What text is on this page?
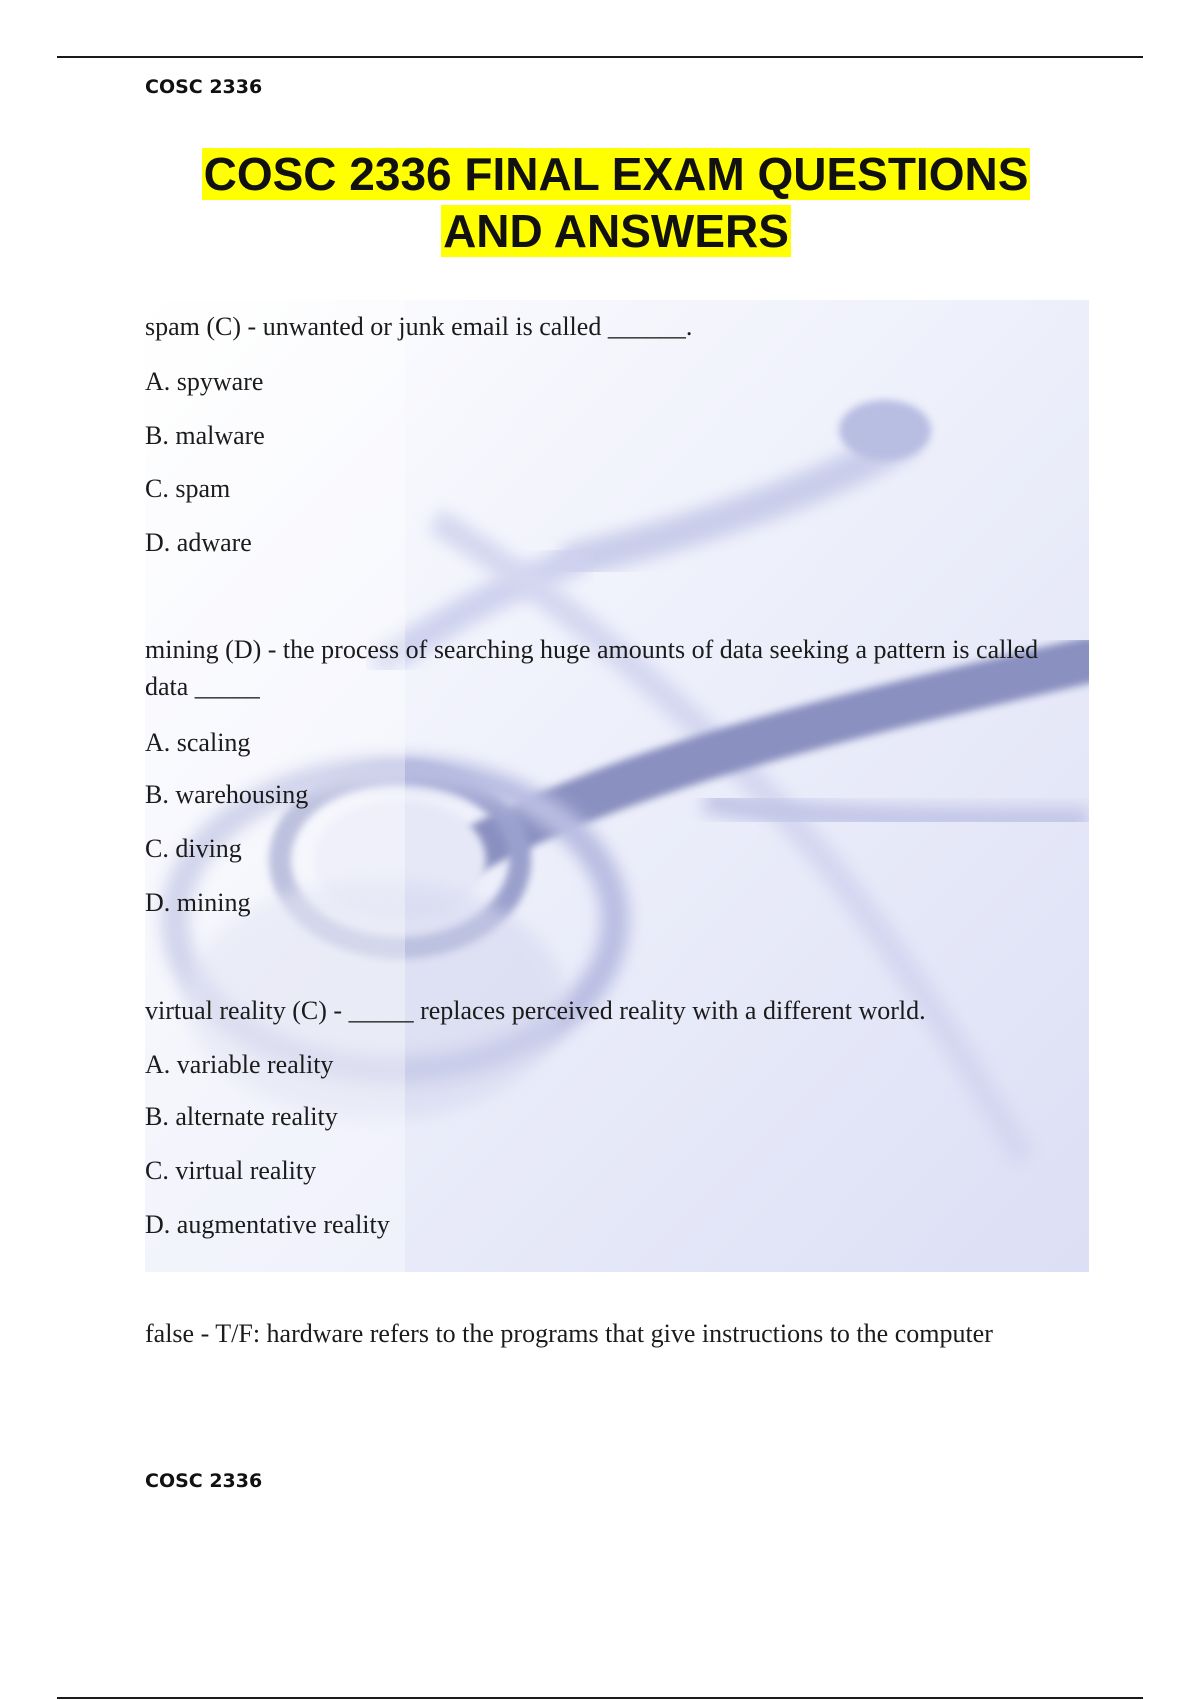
COSC 2336
COSC 2336 FINAL EXAM QUESTIONS
AND ANSWERS
spam (C) - unwanted or junk email is called ______.
A. spyware
B. malware
C. spam
D. adware
mining (D) - the process of searching huge amounts of data seeking a pattern is called data _____
A. scaling
B. warehousing
C. diving
D. mining
virtual reality (C) - _____ replaces perceived reality with a different world.
A. variable reality
B. alternate reality
C. virtual reality
D. augmentative reality
false - T/F: hardware refers to the programs that give instructions to the computer
COSC 2336
